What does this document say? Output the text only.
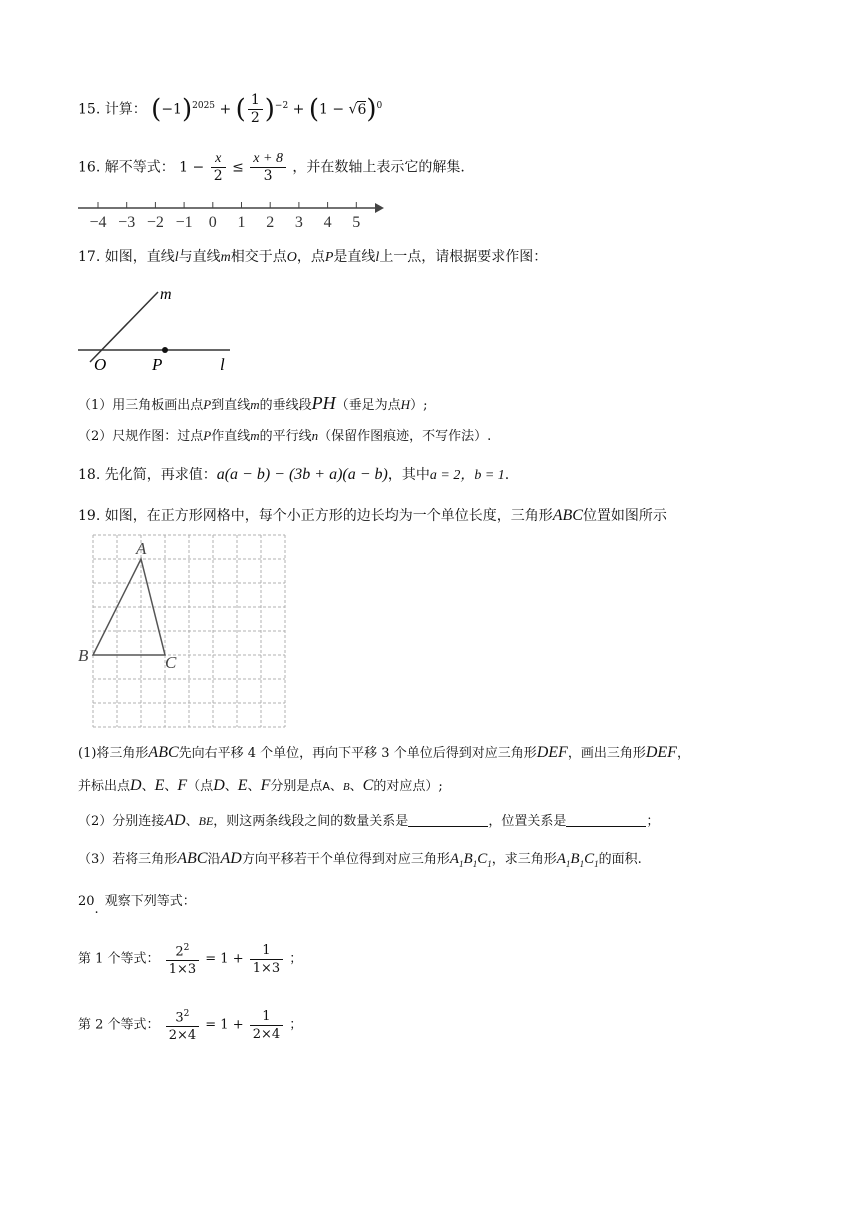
15. 计算： $(-1)^{2025}$ + ( $\frac{1}{2} )^{-2} + (1 - √6)^0$
16. 解不等式： $1 - \frac{x}{2} \le \frac{x + 8}{3}$ ，并在数轴上表示它的解集.
−4 −3 −2 −1 0 1 2 3 4 5
17. 如图，直线l与直线m相交于点O，点P是直线l上一点，请根据要求作图：
m
O	P	l
（1）用三角板画出点P到直线m的垂线段PH（垂足为点H）;
（2）尺规作图：过点P作直线m的平行线n（保留作图痕迹，不写作法）.
18. 先化简，再求值：a(a − b) − (3b + a)(a − b)，其中a = 2，b = 1.
19. 如图，在正方形网格中，每个小正方形的边长均为一个单位长度，三角形ABC位置如图所示
A
B	C
(1)将三角形ABC先向右平移 4 个单位，再向下平移 3 个单位后得到对应三角形DEF，画出三角形DEF，
并标出点D、E、F（点D、E、F分别是点A、B、C的对应点）;
（2）分别连接AD、BE，则这两条线段之间的数量关系是	，位置关系是	；
（3）若将三角形ABC沿AD方向平移若干个单位得到对应三角形$A_1B_1C_1$，求三角形$A_1B_1C_1$的面积.
20.观察下列等式：
第 1 个等式： $\frac{2^2}{1\times 3} = 1 + \frac{1}{1\times 3}$ ；
第 2 个等式： $\frac{3^2}{2\times 4} = 1 + \frac{1}{2\times 4}$ ；
